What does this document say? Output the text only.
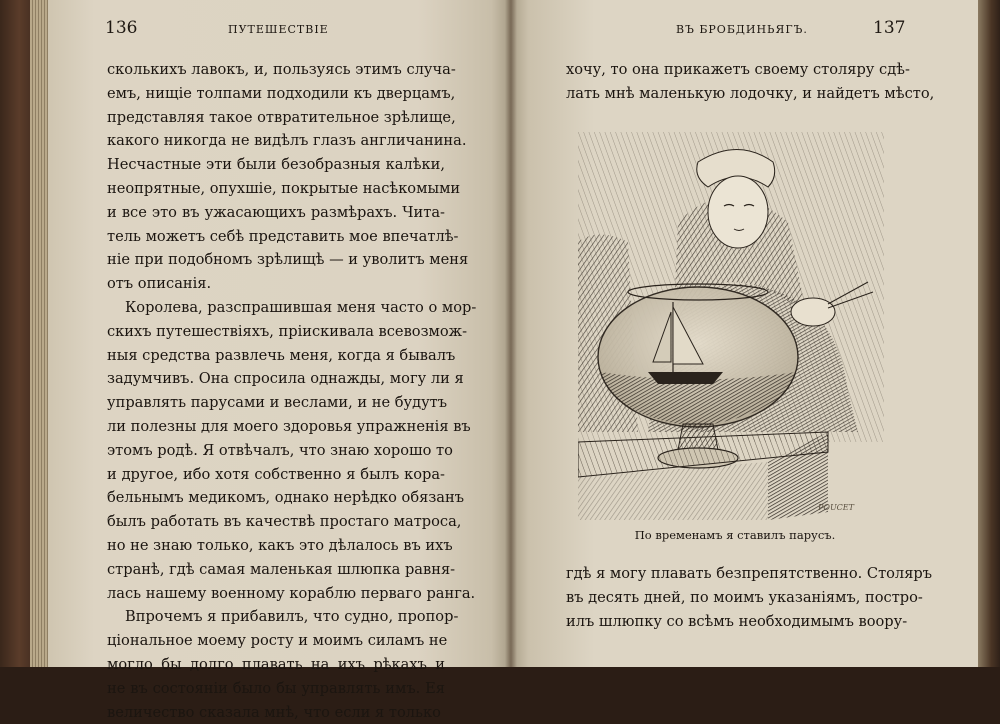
136	ПУТЕШЕСТВІЕ
сколькихъ лавокъ, и, пользуясь этимъ случа-
емъ, нищіе толпами подходили къ дверцамъ,
представляя такое отвратительное зрѣлище,
какого никогда не видѣлъ глазъ англичанина.
Несчастные эти были безобразныя калѣки,
неопрятные, опухшіе, покрытые насѣкомыми
и все это въ ужасающихъ размѣрахъ. Чита-
тель можетъ себѣ представить мое впечатлѣ-
ніе при подобномъ зрѣлищѣ — и уволитъ меня
отъ описанія.
Королева, разспрашившая меня часто о мор-
скихъ путешествіяхъ, пріискивала всевозмож-
ныя средства развлечь меня, когда я бывалъ
задумчивъ. Она спросила однажды, могу ли я
управлять парусами и веслами, и не будутъ
ли полезны для моего здоровья упражненія въ
этомъ родѣ. Я отвѣчалъ, что знаю хорошо то
и другое, ибо хотя собственно я былъ кора-
бельнымъ медикомъ, однако нерѣдко обязанъ
былъ работать въ качествѣ простаго матроса,
но не знаю только, какъ это дѣлалось въ ихъ
странѣ, гдѣ самая маленькая шлюпка равня-
лась нашему военному кораблю перваго ранга.
Впрочемъ я прибавилъ, что судно, пропор-
ціональное моему росту и моимъ силамъ не
могло бы долго плавать на ихъ рѣкахъ и
не въ состояніи было бы управлять имъ. Ея
величество сказала мнѣ, что если я только
ВЪ БРОБДИНЬЯГЪ.	137
хочу, то она прикажетъ своему столяру сдѣ-
лать мнѣ маленькую лодочку, и найдетъ мѣсто,
POUCET
По временамъ я ставилъ парусъ.
гдѣ я могу плавать безпрепятственно. Столяръ
въ десять дней, по моимъ указаніямъ, постро-
илъ шлюпку со всѣмъ необходимымъ воору-
